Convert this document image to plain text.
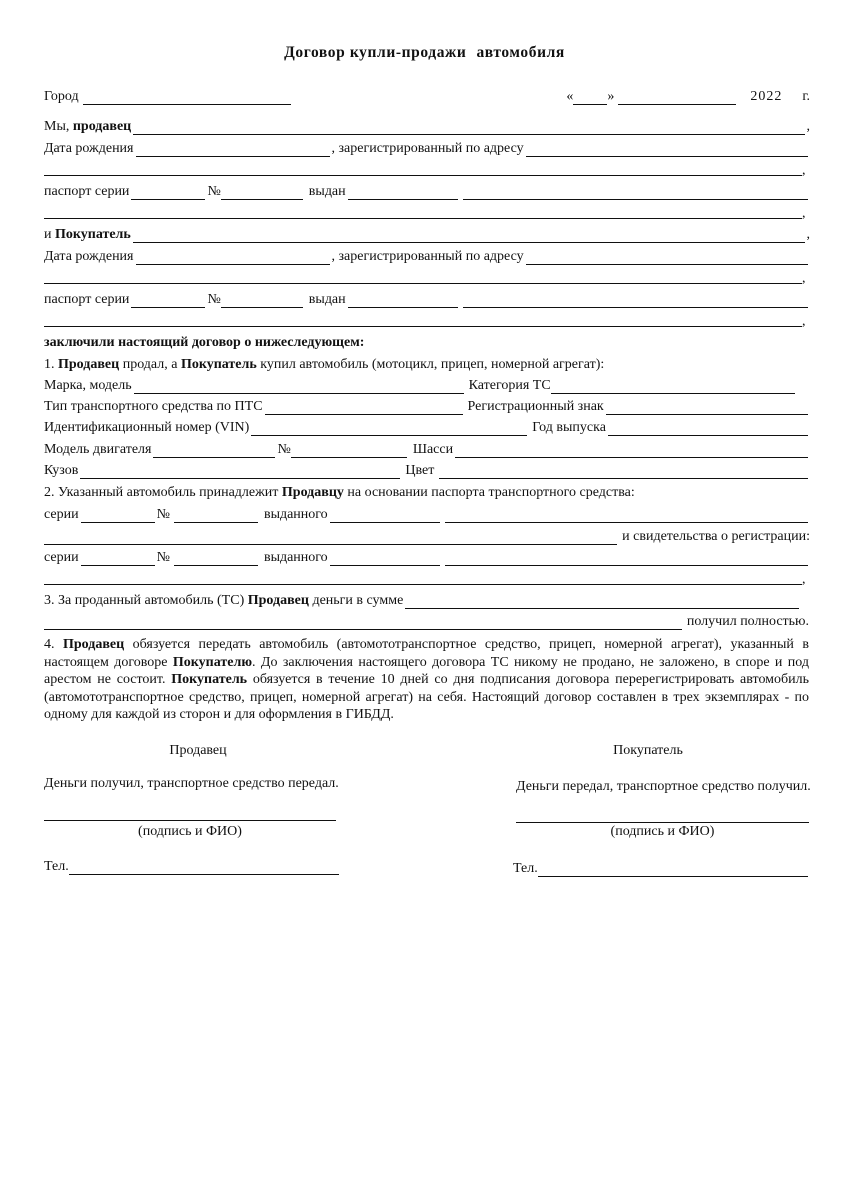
Договор купли-продажи автомобиля
Город	« »	2022 г.
Мы,
продавец	,
Дата рождения	, зарегистрированный по адресу
,
паспорт серии	№	выдан
,
и
Покупатель	,
Дата рождения	, зарегистрированный по адресу
,
паспорт серии	№	выдан
,
заключили настоящий договор о нижеследующем:
1.
Продавец
продал, а
Покупатель
купил автомобиль (мотоцикл, прицеп, номерной агрегат):
Марка, модель	Категория ТС
Тип транспортного средства по ПТС	Регистрационный знак
Идентификационный номер (VIN)	Год выпуска
Модель двигателя	№	Шасси
Кузов	Цвет
2. Указанный автомобиль принадлежит
Продавцу
на основании паспорта транспортного средства:
серии	№	выданного
и свидетельства о регистрации:
серии	№	выданного
,
3. За проданный автомобиль (ТС)
Продавец
деньги в сумме
получил полностью.
4. Продавец обязуется передать автомобиль (автомототранспортное средство, прицеп, номерной агрегат), указанный в настоящем договоре Покупателю. До заключения настоящего договора ТС никому не продано, не заложено, в споре и под арестом не состоит. Покупатель обязуется в течение 10 дней со дня подписания договора перерегистрировать автомобиль (автомототранспортное средство, прицеп, номерной агрегат) на себя. Настоящий договор составлен в трех экземплярах - по одному для каждой из сторон и для оформления в ГИБДД.
Продавец	Покупатель
Деньги получил, транспортное средство передал.	Деньги передал, транспортное средство получил.
(подпись и ФИО)	(подпись и ФИО)
Тел.	Тел.
